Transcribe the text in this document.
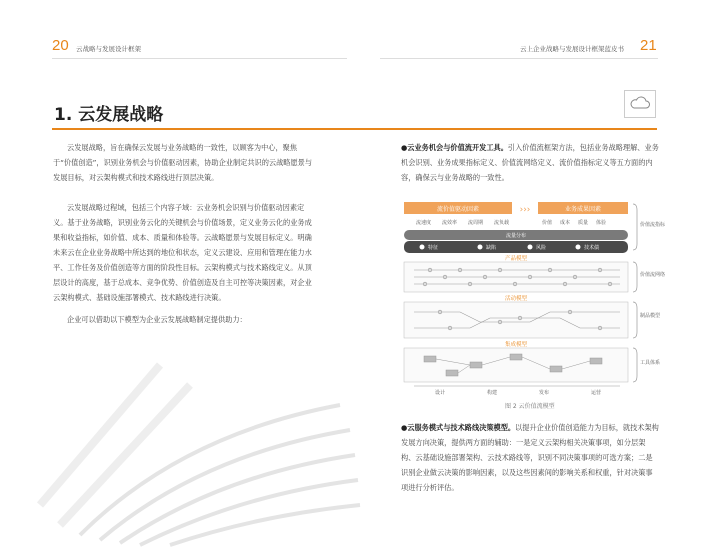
20 云战略与发展设计框架	云上企业战略与发展设计框架蓝皮书 21
1. 云发展战略
云发展战略，旨在确保云发展与业务战略的一致性，以顾客为中心，聚焦于“价值创造”，识别业务机会与价值驱动因素，协助企业制定共识的云战略愿景与发展目标，对云架构模式和技术路线进行顶层决策。
云发展战略过程域，包括三个内容子域：云业务机会识别与价值驱动因素定义。基于业务战略，识别业务云化的关键机会与价值场景，定义业务云化的业务成果和收益指标，如价值、成本、质量和体验等。云战略愿景与发展目标定义。明确未来云在企业业务战略中所达到的地位和状态，定义云建设、应用和管理在能力水平、工作任务及价值创造等方面的阶段性目标。云架构模式与技术路线定义。从顶层设计的高度，基于总成本、竞争优势、价值创造及自主可控等决策因素，对企业云架构模式、基础设施部署模式、技术路线进行决策。
企业可以借助以下模型为企业云发展战略制定提供助力：
●云业务机会与价值流开发工具。引入价值流框架方法，包括业务战略理解、业务机会识别、业务成果指标定义、价值流网络定义、流价值指标定义等五方面的内容，确保云与业务战略的一致性。
流价值驱动因素	业务成果因素
›››
流速度 流效率 流周期 流负载	价值 成本 质量 体验
流量分布
特征	缺陷	风险	技术债
价值流指标
产品模型
价值流网络
活动模型
制品模型
集成模型
工具体系
设计	构建	发布	运营
图 2 云价值流模型
●云服务模式与技术路线决策模型。以提升企业价值创造能力为目标，就技术架构发展方向决策，提供两方面的辅助：一是定义云架构相关决策事项，如分层架构、云基础设施部署架构、云技术路线等，识别不同决策事项的可选方案；二是识别企业做云决策的影响因素，以及这些因素间的影响关系和权重，针对决策事项进行分析评估。
